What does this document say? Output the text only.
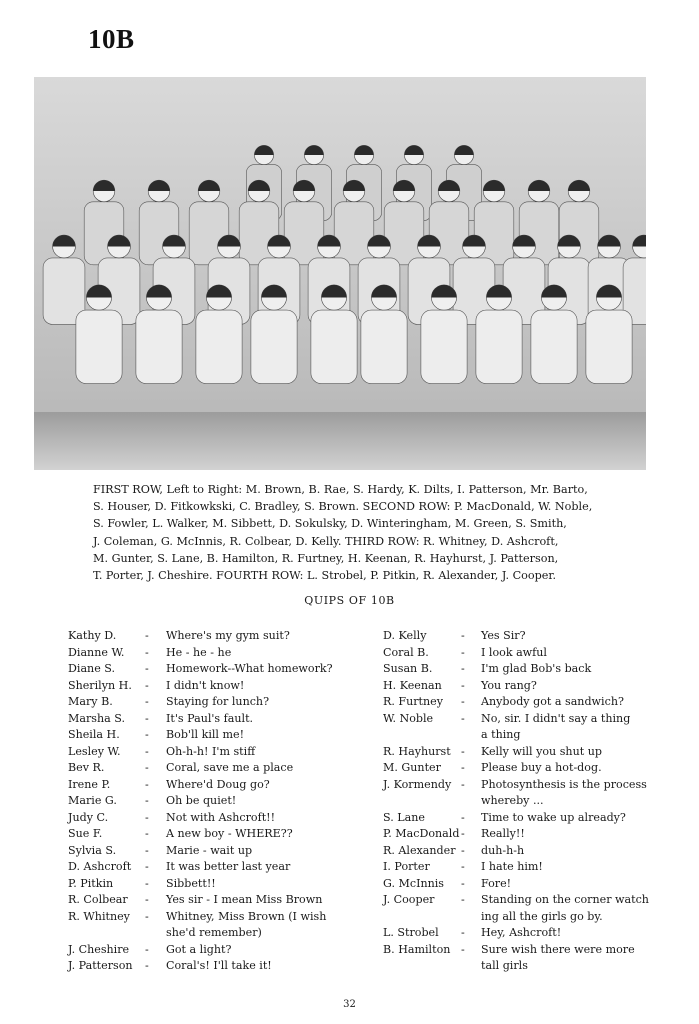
10B
FIRST ROW, Left to Right: M. Brown, B. Rae, S. Hardy, K. Dilts, I. Patterson, Mr. Barto,
S. Houser, D. Fitkowkski, C. Bradley, S. Brown. SECOND ROW: P. MacDonald, W. Noble,
S. Fowler, L. Walker, M. Sibbett, D. Sokulsky, D. Winteringham, M. Green, S. Smith,
J. Coleman, G. McInnis, R. Colbear, D. Kelly. THIRD ROW: R. Whitney, D. Ashcroft,
M. Gunter, S. Lane, B. Hamilton, R. Furtney, H. Keenan, R. Hayhurst, J. Patterson,
T. Porter, J. Cheshire. FOURTH ROW: L. Strobel, P. Pitkin, R. Alexander, J. Cooper.
QUIPS OF 10B
Kathy D.	- Where's my gym suit?
Dianne W. - He - he - he
Diane S.	- Homework--What homework?
Sherilyn H. - I didn't know!
Mary B.	- Staying for lunch?
Marsha S. - It's Paul's fault.
Sheila H. - Bob'll kill me!
Lesley W. - Oh-h-h! I'm stiff
Bev R.	- Coral, save me a place
Irene P.	- Where'd Doug go?
Marie G.	- Oh be quiet!
Judy C.	- Not with Ashcroft!!
Sue F.	- A new boy - WHERE??
Sylvia S.	- Marie - wait up
D. Ashcroft - It was better last year
P. Pitkin	- Sibbett!!
R. Colbear - Yes sir - I mean Miss Brown
R. Whitney - Whitney, Miss Brown (I wish
she'd remember)
J. Cheshire - Got a light?
J. Patterson - Coral's! I'll take it!
D. Kelly	- Yes Sir?
Coral B.	- I look awful
Susan B.	- I'm glad Bob's back
H. Keenan - You rang?
R. Furtney - Anybody got a sandwich?
W. Noble	- No, sir. I didn't say a thing
a thing
R. Hayhurst - Kelly will you shut up
M. Gunter - Please buy a hot-dog.
J. Kormendy - Photosynthesis is the process
whereby ...
S. Lane	- Time to wake up already?
P. MacDonald - Really!!
R. Alexander - duh-h-h
I. Porter	- I hate him!
G. McInnis - Fore!
J. Cooper - Standing on the corner watch
ing all the girls go by.
L. Strobel - Hey, Ashcroft!
B. Hamilton - Sure wish there were more
tall girls
32
